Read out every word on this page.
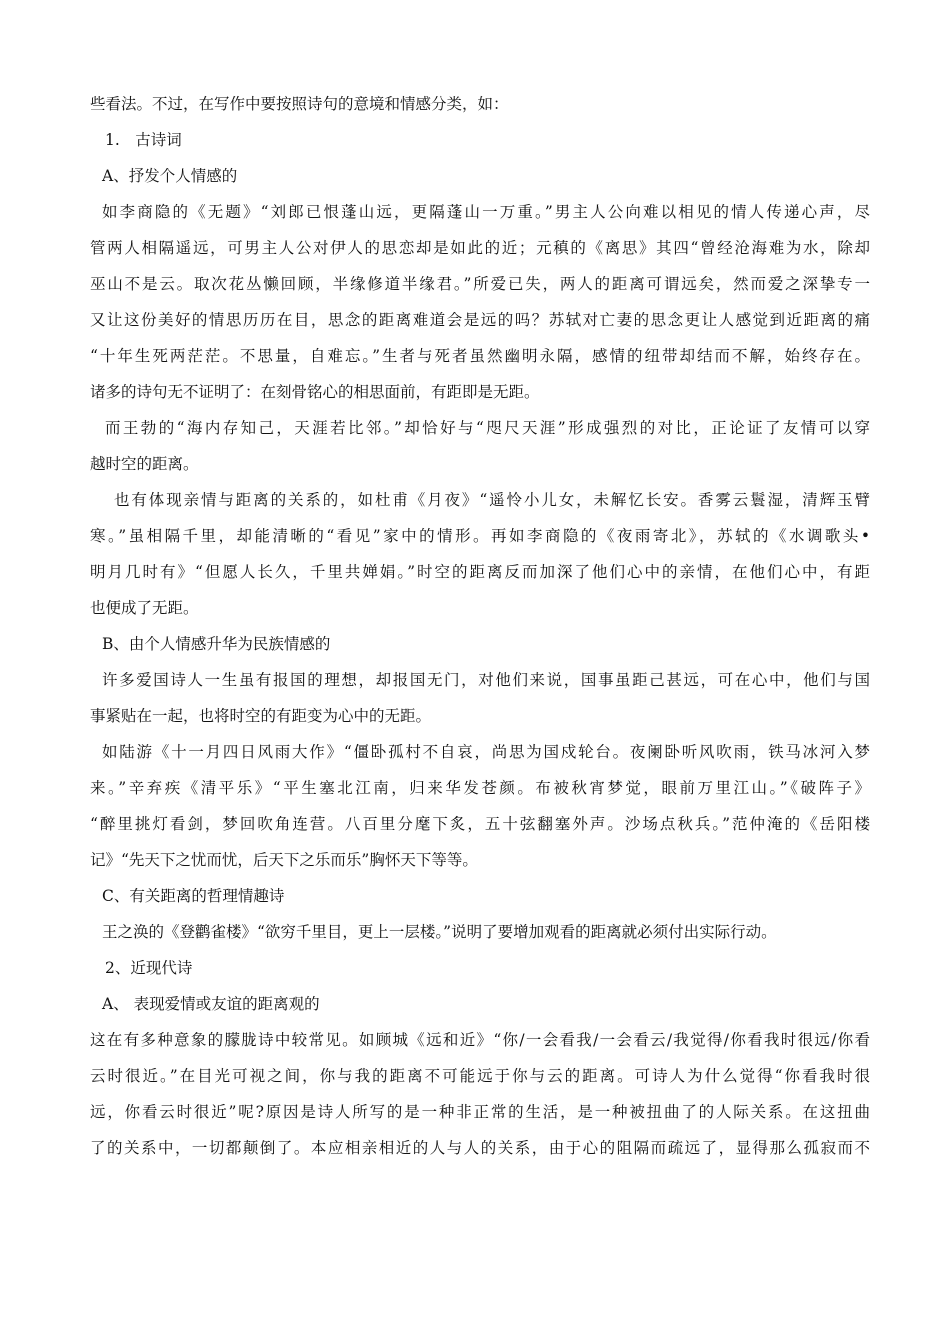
些看法。不过，在写作中要按照诗句的意境和情感分类，如：
1.　古诗词
A、抒发个人情感的
如李商隐的《无题》“刘郎已恨蓬山远，更隔蓬山一万重。”男主人公向难以相见的情人传递心声，尽
管两人相隔遥远，可男主人公对伊人的思恋却是如此的近；元稹的《离思》其四“曾经沧海难为水，除却
巫山不是云。取次花丛懒回顾，半缘修道半缘君。”所爱已失，两人的距离可谓远矣，然而爱之深挚专一
又让这份美好的情思历历在目，思念的距离难道会是远的吗？苏轼对亡妻的思念更让人感觉到近距离的痛
“十年生死两茫茫。不思量，自难忘。”生者与死者虽然幽明永隔，感情的纽带却结而不解，始终存在。
诸多的诗句无不证明了：在刻骨铭心的相思面前，有距即是无距。
而王勃的“海内存知己，天涯若比邻。”却恰好与“咫尺天涯”形成强烈的对比，正论证了友情可以穿
越时空的距离。
也有体现亲情与距离的关系的，如杜甫《月夜》“遥怜小儿女，未解忆长安。香雾云鬟湿，清辉玉臂
寒。”虽相隔千里，却能清晰的“看见”家中的情形。再如李商隐的《夜雨寄北》，苏轼的《水调歌头•
明月几时有》“但愿人长久，千里共婵娟。”时空的距离反而加深了他们心中的亲情，在他们心中，有距
也便成了无距。
B、由个人情感升华为民族情感的
许多爱国诗人一生虽有报国的理想，却报国无门，对他们来说，国事虽距己甚远，可在心中，他们与国
事紧贴在一起，也将时空的有距变为心中的无距。
如陆游《十一月四日风雨大作》“僵卧孤村不自哀，尚思为国戍轮台。夜阑卧听风吹雨，铁马冰河入梦
来。”辛弃疾《清平乐》“平生塞北江南，归来华发苍颜。布被秋宵梦觉，眼前万里江山。”《破阵子》
“醉里挑灯看剑，梦回吹角连营。八百里分麾下炙，五十弦翻塞外声。沙场点秋兵。”范仲淹的《岳阳楼
记》“先天下之忧而忧，后天下之乐而乐”胸怀天下等等。
C、有关距离的哲理情趣诗
王之涣的《登鹳雀楼》“欲穷千里目，更上一层楼。”说明了要增加观看的距离就必须付出实际行动。
2、近现代诗
A、 表现爱情或友谊的距离观的
这在有多种意象的朦胧诗中较常见。如顾城《远和近》“你/一会看我/一会看云/我觉得/你看我时很远/你看
云时很近。”在目光可视之间，你与我的距离不可能远于你与云的距离。可诗人为什么觉得“你看我时很
远，你看云时很近”呢?原因是诗人所写的是一种非正常的生活，是一种被扭曲了的人际关系。在这扭曲
了的关系中，一切都颠倒了。本应相亲相近的人与人的关系，由于心的阻隔而疏远了，显得那么孤寂而不
